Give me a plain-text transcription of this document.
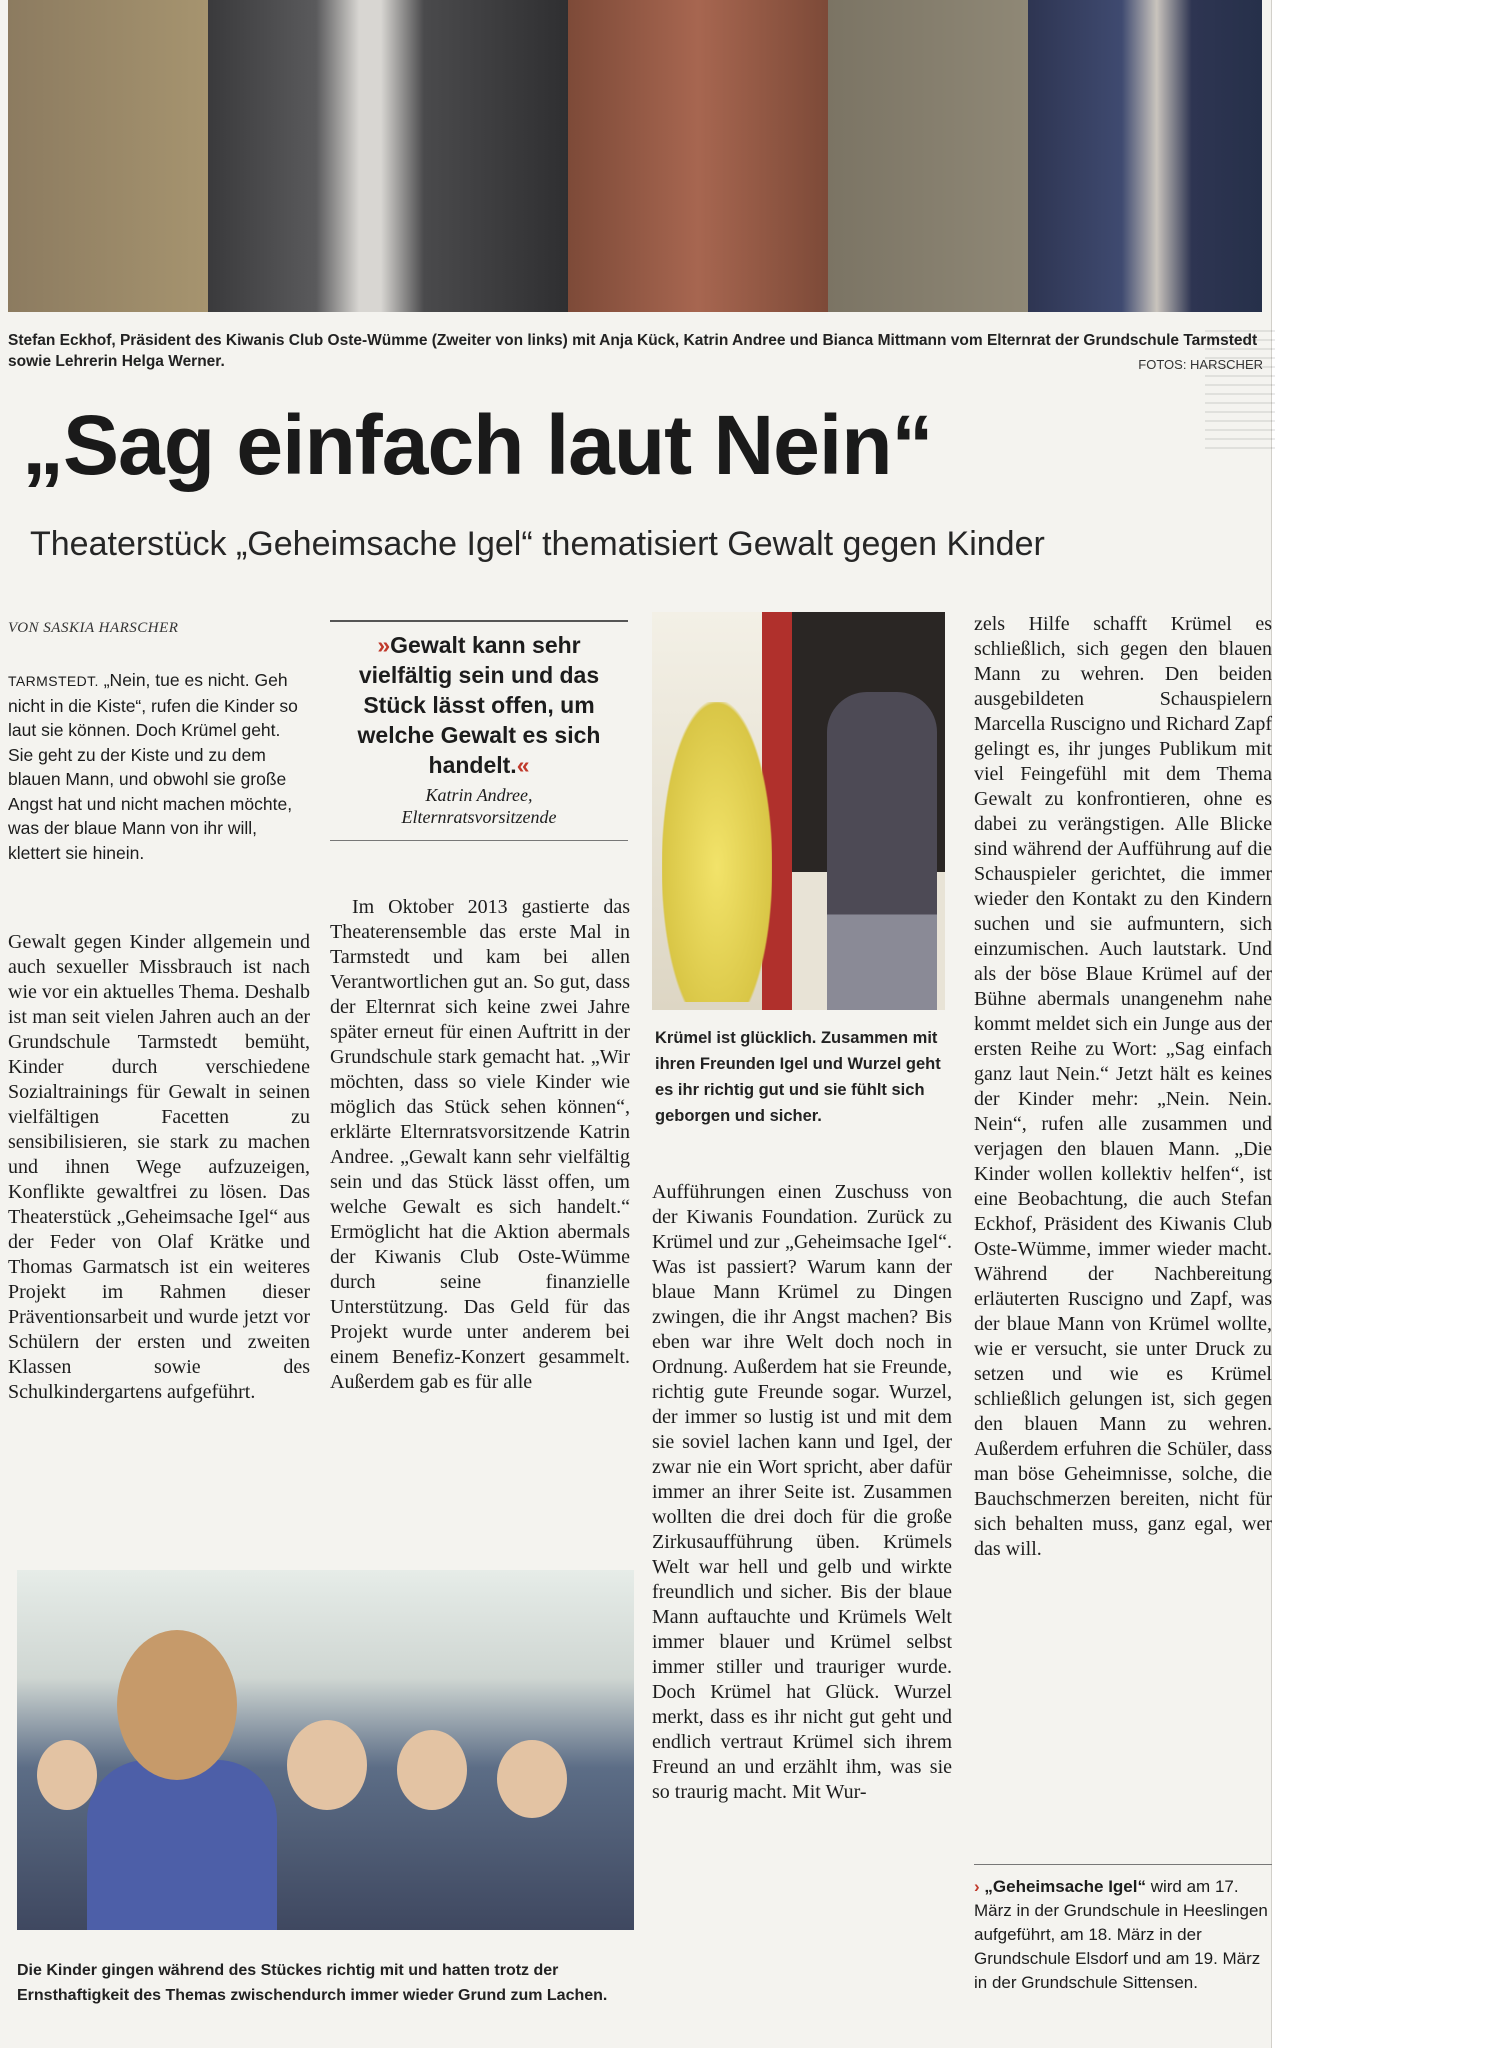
Stefan Eckhof, Präsident des Kiwanis Club Oste-Wümme (Zweiter von links) mit Anja Kück, Katrin Andree und Bianca Mittmann vom Elternrat der Grundschule Tarmstedt sowie Lehrerin Helga Werner.	FOTOS: HARSCHER
„Sag einfach laut Nein“
Theaterstück „Geheimsache Igel“ thematisiert Gewalt gegen Kinder
VON SASKIA HARSCHER
TARMSTEDT. „Nein, tue es nicht. Geh nicht in die Kiste“, rufen die Kinder so laut sie können. Doch Krümel geht. Sie geht zu der Kiste und zu dem blauen Mann, und obwohl sie große Angst hat und nicht machen möchte, was der blaue Mann von ihr will, klettert sie hinein.

Gewalt gegen Kinder allgemein und auch sexueller Missbrauch ist nach wie vor ein aktuelles Thema. Deshalb ist man seit vielen Jahren auch an der Grundschule Tarmstedt bemüht, Kinder durch verschiedene Sozialtrainings für Gewalt in seinen vielfältigen Facetten zu sensibilisieren, sie stark zu machen und ihnen Wege aufzuzeigen, Konflikte gewaltfrei zu lösen. Das Theaterstück „Geheimsache Igel“ aus der Feder von Olaf Krätke und Thomas Garmatsch ist ein weiteres Projekt im Rahmen dieser Präventionsarbeit und wurde jetzt vor Schülern der ersten und zweiten Klassen sowie des Schulkindergartens aufgeführt.

»Gewalt kann sehr vielfältig sein und das Stück lässt offen, um welche Gewalt es sich handelt.«
Katrin Andree,
Elternratsvorsitzende

Im Oktober 2013 gastierte das Theaterensemble das erste Mal in Tarmstedt und kam bei allen Verantwortlichen gut an. So gut, dass der Elternrat sich keine zwei Jahre später erneut für einen Auftritt in der Grundschule stark gemacht hat. „Wir möchten, dass so viele Kinder wie möglich das Stück sehen können“, erklärte Elternratsvorsitzende Katrin Andree. „Gewalt kann sehr vielfältig sein und das Stück lässt offen, um welche Gewalt es sich handelt.“ Ermöglicht hat die Aktion abermals der Kiwanis Club Oste-Wümme durch seine finanzielle Unterstützung. Das Geld für das Projekt wurde unter anderem bei einem Benefiz-Konzert gesammelt. Außerdem gab es für alle

Krümel ist glücklich. Zusammen mit ihren Freunden Igel und Wurzel geht es ihr richtig gut und sie fühlt sich geborgen und sicher.

Aufführungen einen Zuschuss von der Kiwanis Foundation. Zurück zu Krümel und zur „Geheimsache Igel“. Was ist passiert? Warum kann der blaue Mann Krümel zu Dingen zwingen, die ihr Angst machen? Bis eben war ihre Welt doch noch in Ordnung. Außerdem hat sie Freunde, richtig gute Freunde sogar. Wurzel, der immer so lustig ist und mit dem sie soviel lachen kann und Igel, der zwar nie ein Wort spricht, aber dafür immer an ihrer Seite ist. Zusammen wollten die drei doch für die große Zirkusaufführung üben. Krümels Welt war hell und gelb und wirkte freundlich und sicher. Bis der blaue Mann auftauchte und Krümels Welt immer blauer und Krümel selbst immer stiller und trauriger wurde. Doch Krümel hat Glück. Wurzel merkt, dass es ihr nicht gut geht und endlich vertraut Krümel sich ihrem Freund an und erzählt ihm, was sie so traurig macht. Mit Wur-

Die Kinder gingen während des Stückes richtig mit und hatten trotz der Ernsthaftigkeit des Themas zwischendurch immer wieder Grund zum Lachen.

zels Hilfe schafft Krümel es schließlich, sich gegen den blauen Mann zu wehren. Den beiden ausgebildeten Schauspielern Marcella Ruscigno und Richard Zapf gelingt es, ihr junges Publikum mit viel Feingefühl mit dem Thema Gewalt zu konfrontieren, ohne es dabei zu verängstigen. Alle Blicke sind während der Aufführung auf die Schauspieler gerichtet, die immer wieder den Kontakt zu den Kindern suchen und sie aufmuntern, sich einzumischen. Auch lautstark. Und als der böse Blaue Krümel auf der Bühne abermals unangenehm nahe kommt meldet sich ein Junge aus der ersten Reihe zu Wort: „Sag einfach ganz laut Nein.“ Jetzt hält es keines der Kinder mehr: „Nein. Nein. Nein“, rufen alle zusammen und verjagen den blauen Mann. „Die Kinder wollen kollektiv helfen“, ist eine Beobachtung, die auch Stefan Eckhof, Präsident des Kiwanis Club Oste-Wümme, immer wieder macht. Während der Nachbereitung erläuterten Ruscigno und Zapf, was der blaue Mann von Krümel wollte, wie er versucht, sie unter Druck zu setzen und wie es Krümel schließlich gelungen ist, sich gegen den blauen Mann zu wehren. Außerdem erfuhren die Schüler, dass man böse Geheimnisse, solche, die Bauchschmerzen bereiten, nicht für sich behalten muss, ganz egal, wer das will.

› „Geheimsache Igel“ wird am 17. März in der Grundschule in Heeslingen aufgeführt, am 18. März in der Grundschule Elsdorf und am 19. März in der Grundschule Sittensen.
